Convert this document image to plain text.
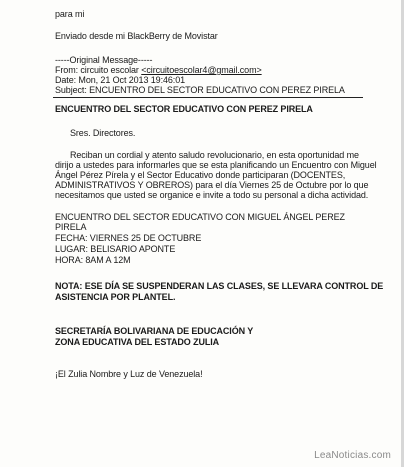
para mi
Enviado desde mi BlackBerry de Movistar
-----Original Message-----
From: circuito escolar <circuitoescolar4@gmail.com>
Date: Mon, 21 Oct 2013 19:46:01
Subject: ENCUENTRO DEL SECTOR EDUCATIVO CON PEREZ PIRELA
ENCUENTRO DEL SECTOR EDUCATIVO CON PEREZ PIRELA
Sres. Directores.
Reciban un cordial y atento saludo revolucionario, en esta oportunidad me
dirijo a ustedes para informarles que se esta planificando un Encuentro con Miguel
Ángel Pérez Pírela y el Sector Educativo donde participaran (DOCENTES,
ADMINISTRATIVOS Y OBREROS) para el día Viernes 25 de Octubre por lo que
necesitamos que usted se organice e invite a todo su personal a dicha actividad.
ENCUENTRO DEL SECTOR EDUCATIVO CON MIGUEL ÁNGEL PEREZ
PIRELA
FECHA: VIERNES 25 DE OCTUBRE
LUGAR: BELISARIO APONTE
HORA: 8AM A 12M
NOTA: ESE DÍA SE SUSPENDERAN LAS CLASES, SE LLEVARA CONTROL DE
ASISTENCIA POR PLANTEL.
SECRETARÍA BOLIVARIANA DE EDUCACIÓN Y
ZONA EDUCATIVA DEL ESTADO ZULIA
¡El Zulia Nombre y Luz de Venezuela!
LeaNoticias.com
